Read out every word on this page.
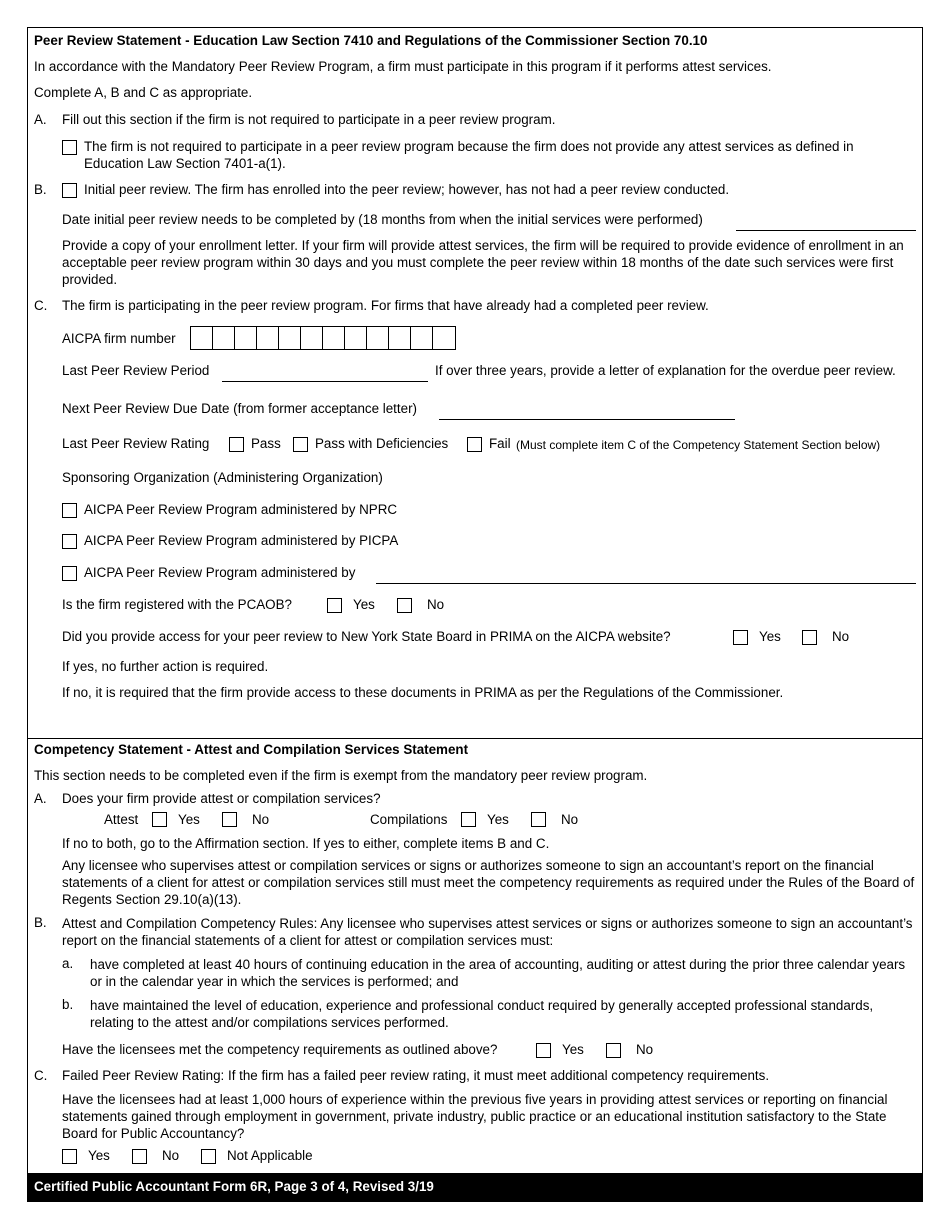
Peer Review Statement - Education Law Section 7410 and Regulations of the Commissioner Section 70.10
In accordance with the Mandatory Peer Review Program, a firm must participate in this program if it performs attest services.
Complete A, B and C as appropriate.
A. Fill out this section if the firm is not required to participate in a peer review program.
The firm is not required to participate in a peer review program because the firm does not provide any attest services as defined in Education Law Section 7401-a(1).
B.	Initial peer review. The firm has enrolled into the peer review; however, has not had a peer review conducted.
Date initial peer review needs to be completed by (18 months from when the initial services were performed)
Provide a copy of your enrollment letter. If your firm will provide attest services, the firm will be required to provide evidence of enrollment in an acceptable peer review program within 30 days and you must complete the peer review within 18 months of the date such services were first provided.
C. The firm is participating in the peer review program. For firms that have already had a completed peer review.
AICPA firm number
Last Peer Review Period	If over three years, provide a letter of explanation for the overdue peer review.
Next Peer Review Due Date (from former acceptance letter)
Last Peer Review Rating	Pass	Pass with Deficiencies	Fail (Must complete item C of the Competency Statement Section below)
Sponsoring Organization (Administering Organization)
AICPA Peer Review Program administered by NPRC
AICPA Peer Review Program administered by PICPA
AICPA Peer Review Program administered by
Is the firm registered with the PCAOB?	Yes	No
Did you provide access for your peer review to New York State Board in PRIMA on the AICPA website?	Yes	No
If yes, no further action is required.
If no, it is required that the firm provide access to these documents in PRIMA as per the Regulations of the Commissioner.
Competency Statement - Attest and Compilation Services Statement
This section needs to be completed even if the firm is exempt from the mandatory peer review program.
A. Does your firm provide attest or compilation services?
Attest	Yes	No	Compilations	Yes	No
If no to both, go to the Affirmation section. If yes to either, complete items B and C.
Any licensee who supervises attest or compilation services or signs or authorizes someone to sign an accountant’s report on the financial statements of a client for attest or compilation services still must meet the competency requirements as required under the Rules of the Board of Regents Section 29.10(a)(13).
B. Attest and Compilation Competency Rules: Any licensee who supervises attest services or signs or authorizes someone to sign an accountant’s report on the financial statements of a client for attest or compilation services must:
a. have completed at least 40 hours of continuing education in the area of accounting, auditing or attest during the prior three calendar years or in the calendar year in which the services is performed; and
b. have maintained the level of education, experience and professional conduct required by generally accepted professional standards, relating to the attest and/or compilations services performed.
Have the licensees met the competency requirements as outlined above?	Yes	No
C. Failed Peer Review Rating: If the firm has a failed peer review rating, it must meet additional competency requirements.
Have the licensees had at least 1,000 hours of experience within the previous five years in providing attest services or reporting on financial statements gained through employment in government, private industry, public practice or an educational institution satisfactory to the State Board for Public Accountancy?
Yes	No	Not Applicable
Certified Public Accountant Form 6R, Page 3 of 4, Revised 3/19
